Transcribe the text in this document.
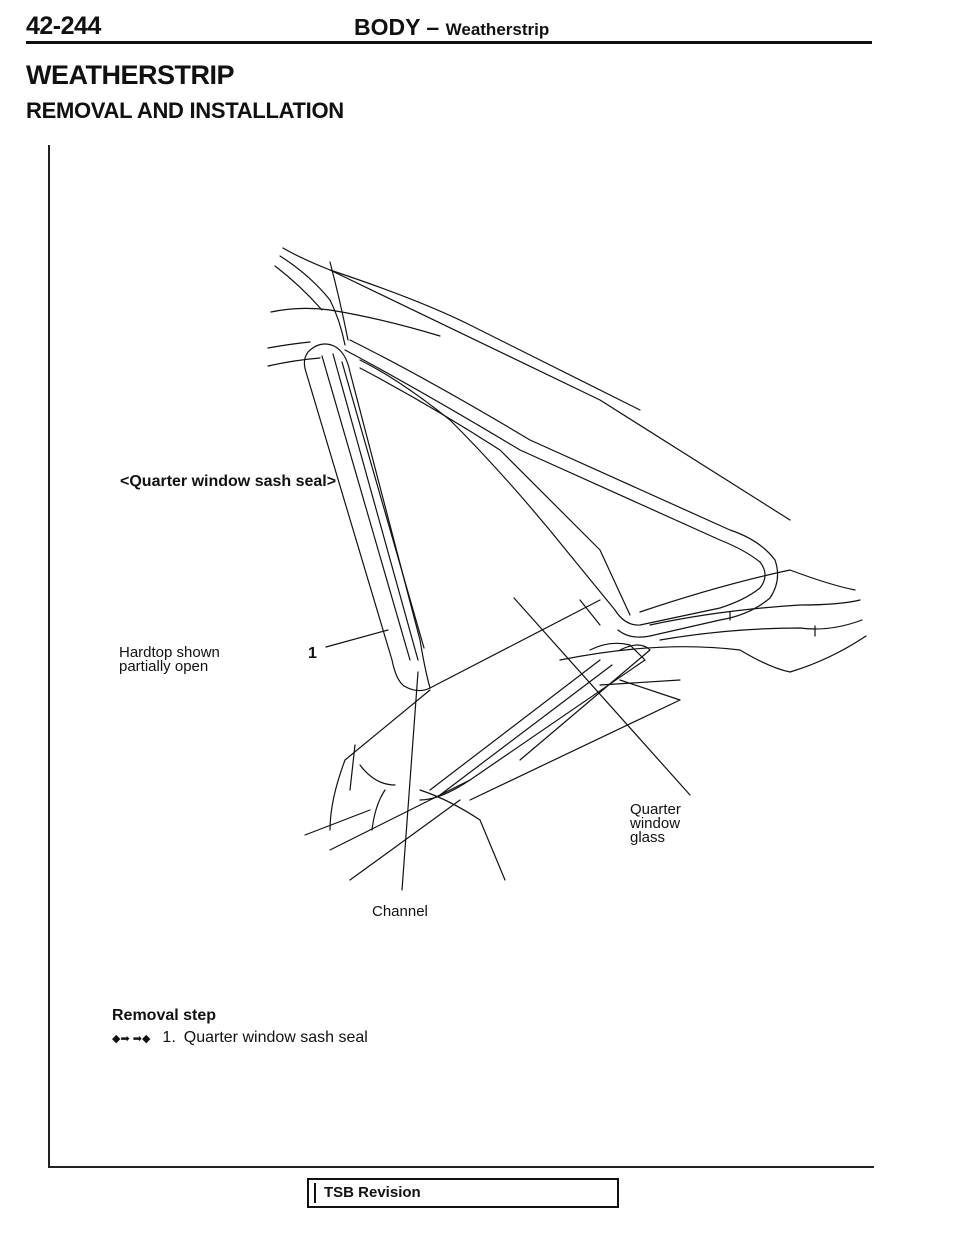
42-244	BODY – Weatherstrip
WEATHERSTRIP
REMOVAL AND INSTALLATION
<Quarter window sash seal>
Hardtop shown
partially open
1
Quarter
window
glass
Channel
Removal step
◆➡ ➡◆ 1. Quarter window sash seal
TSB Revision
